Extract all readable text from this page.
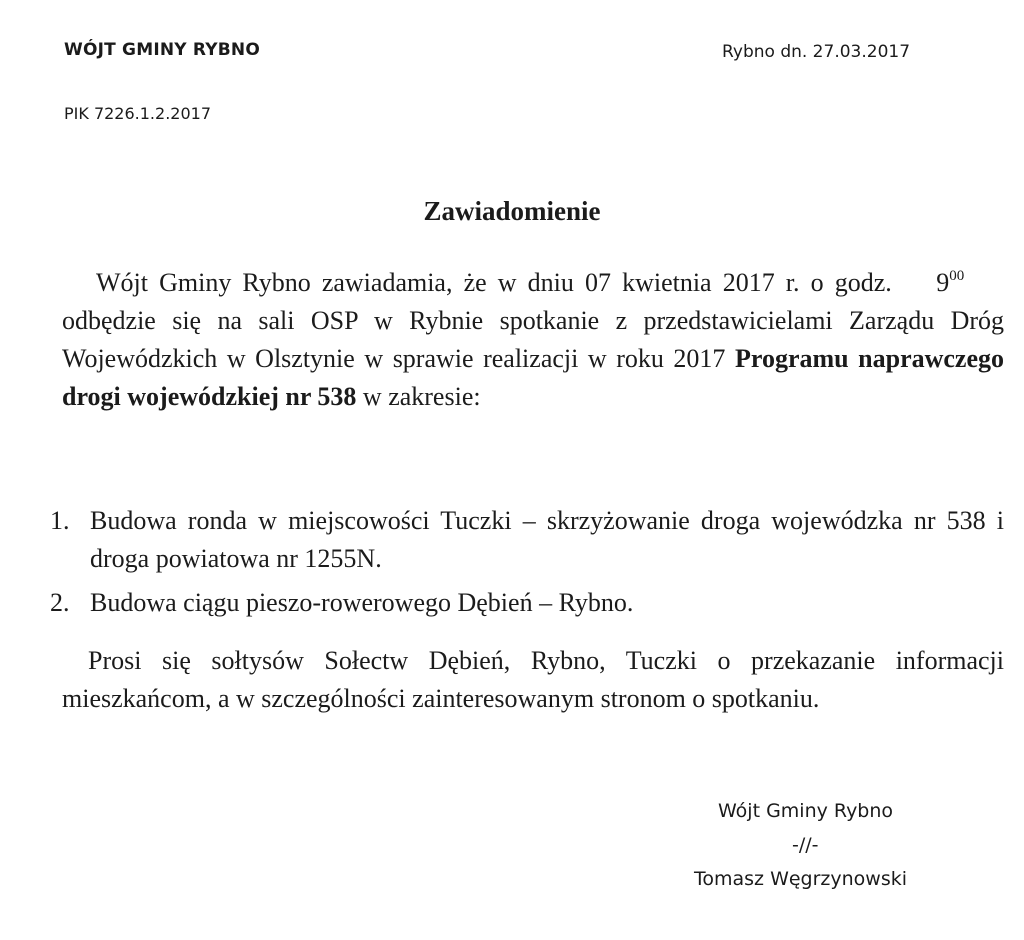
WÓJT GMINY RYBNO	Rybno dn. 27.03.2017
PIK 7226.1.2.2017
Zawiadomienie
Wójt Gminy Rybno zawiadamia, że w dniu 07 kwietnia 2017 r. o godz. $9^{00}$     odbędzie się na sali OSP w Rybnie spotkanie z przedstawicielami Zarządu Dróg Wojewódzkich w Olsztynie w sprawie realizacji w roku 2017 Programu naprawczego drogi wojewódzkiej nr 538 w zakresie:
1. Budowa ronda w miejscowości Tuczki – skrzyżowanie droga wojewódzka nr 538 i droga powiatowa nr 1255N.
2. Budowa ciągu pieszo-rowerowego Dębień – Rybno.
Prosi się sołtysów Sołectw Dębień, Rybno, Tuczki o przekazanie informacji mieszkańcom, a w szczególności zainteresowanym stronom o spotkaniu.
Wójt Gminy Rybno
-//-
Tomasz Węgrzynowski
